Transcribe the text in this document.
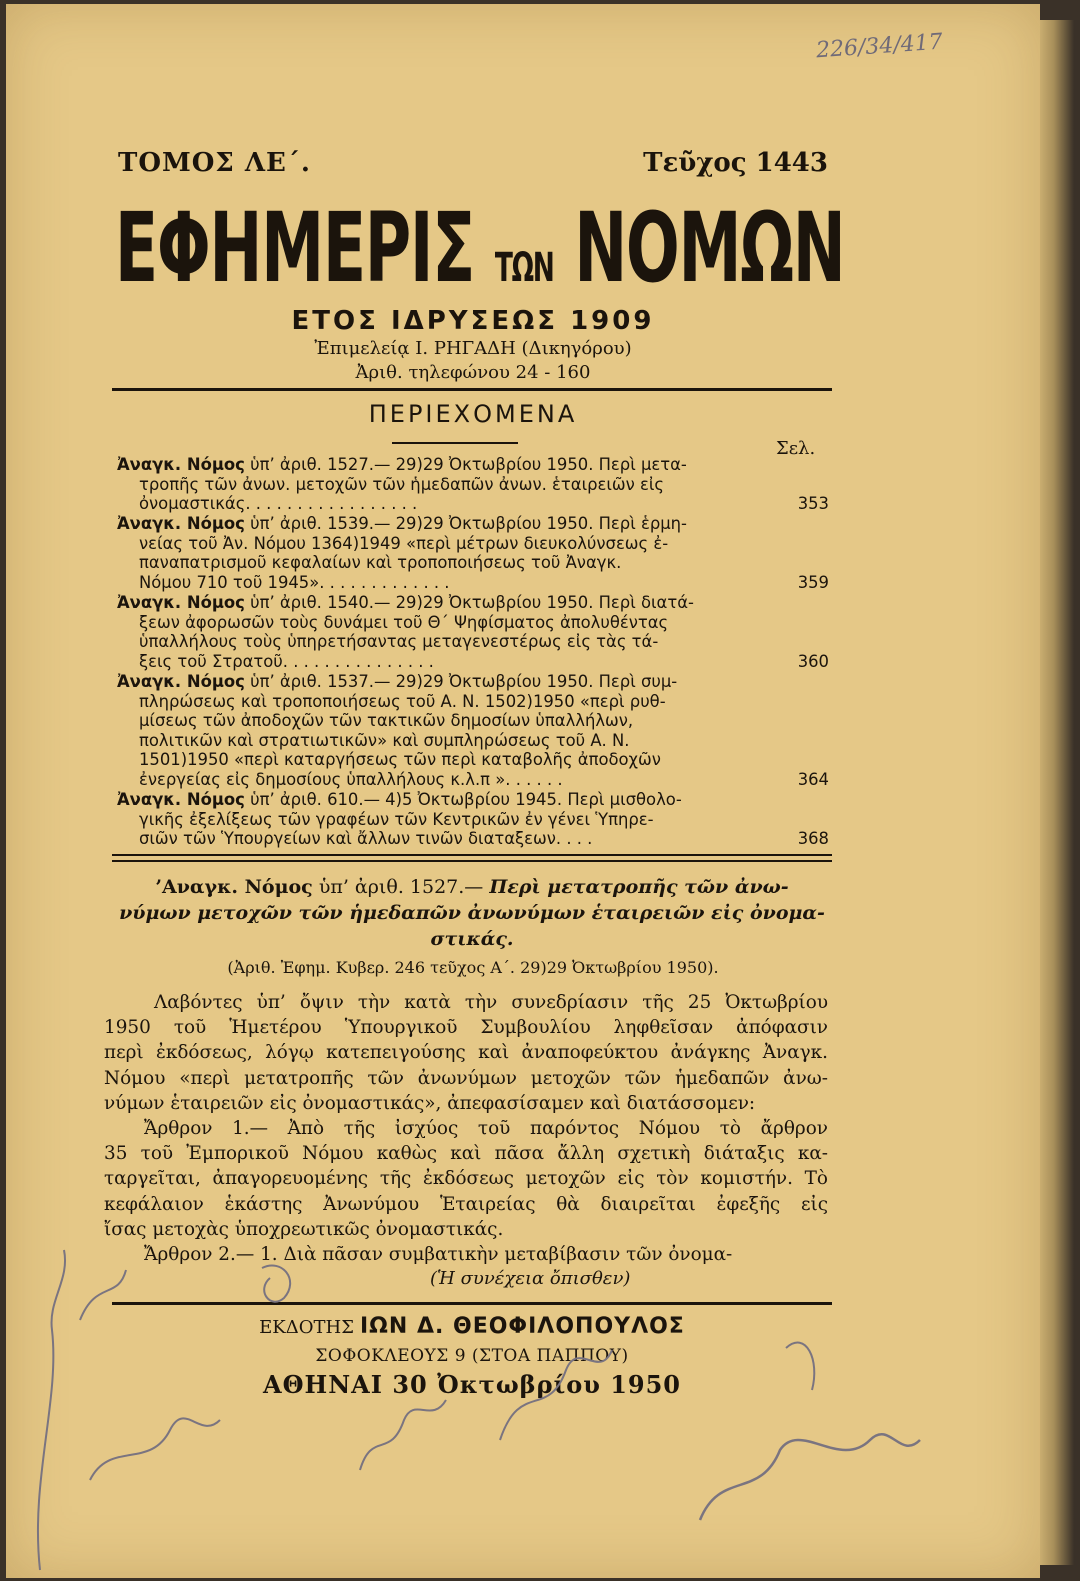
226/34/417
ΤΟΜΟΣ ΛΕ΄.	Τεῦχος 1443
ΕΦΗΜΕΡΙΣ ΤΩΝ ΝΟΜΩΝ
ΕΤΟΣ ΙΔΡΥΣΕΩΣ 1909
Ἐπιμελείᾳ Ι. ΡΗΓΑΔΗ (Δικηγόρου)
Ἀριθ. τηλεφώνου 24 - 160
ΠΕΡΙΕΧΟΜΕΝΑ
Σελ.
Ἀναγκ. Νόμος ὑπ’ ἀριθ. 1527.— 29)29 Ὀκτωβρίου 1950. Περὶ μετα-
τροπῆς τῶν ἀνων. μετοχῶν τῶν ἡμεδαπῶν ἀνων. ἑταιρειῶν εἰς
ὀνομαστικάς. . . . . . . . . . . . . . . . .	353
Ἀναγκ. Νόμος ὑπ’ ἀριθ. 1539.— 29)29 Ὀκτωβρίου 1950. Περὶ ἑρμη-
νείας τοῦ Ἀν. Νόμου 1364)1949 «περὶ μέτρων διευκολύνσεως ἐ-
παναπατρισμοῦ κεφαλαίων καὶ τροποποιήσεως τοῦ Ἀναγκ.
Νόμου 710 τοῦ 1945». . . . . . . . . . . . .	359
Ἀναγκ. Νόμος ὑπ’ ἀριθ. 1540.— 29)29 Ὀκτωβρίου 1950. Περὶ διατά-
ξεων ἀφορωσῶν τοὺς δυνάμει τοῦ Θ΄ Ψηφίσματος ἀπολυθέντας
ὑπαλλήλους τοὺς ὑπηρετήσαντας μεταγενεστέρως εἰς τὰς τά-
ξεις τοῦ Στρατοῦ. . . . . . . . . . . . . . .	360
Ἀναγκ. Νόμος ὑπ’ ἀριθ. 1537.— 29)29 Ὀκτωβρίου 1950. Περὶ συμ-
πληρώσεως καὶ τροποποιήσεως τοῦ Α. Ν. 1502)1950 «περὶ ρυθ-
μίσεως τῶν ἀποδοχῶν τῶν τακτικῶν δημοσίων ὑπαλλήλων,
πολιτικῶν καὶ στρατιωτικῶν» καὶ συμπληρώσεως τοῦ Α. Ν.
1501)1950 «περὶ καταργήσεως τῶν περὶ καταβολῆς ἀποδοχῶν
ἐνεργείας εἰς δημοσίους ὑπαλλήλους κ.λ.π ». . . . . .	364
Ἀναγκ. Νόμος ὑπ’ ἀριθ. 610.— 4)5 Ὀκτωβρίου 1945. Περὶ μισθολο-
γικῆς ἐξελίξεως τῶν γραφέων τῶν Κεντρικῶν ἐν γένει Ὑπηρε-
σιῶν τῶν Ὑπουργείων καὶ ἄλλων τινῶν διαταξεων. . . .	368
’Αναγκ. Νόμος ὑπ’ ἀριθ. 1527.— Περὶ μετατροπῆς τῶν ἀνω-
νύμων μετοχῶν τῶν ἡμεδαπῶν ἀνωνύμων ἑταιρειῶν εἰς ὀνομα-
στικάς.
(Ἀριθ. Ἐφημ. Κυβερ. 246 τεῦχος Α΄. 29)29 Ὀκτωβρίου 1950).
Λαβόντες ὑπ’ ὄψιν τὴν κατὰ τὴν συνεδρίασιν τῆς 25 Ὀκτωβρίου
1950 τοῦ Ἡμετέρου Ὑπουργικοῦ Συμβουλίου ληφθεῖσαν ἀπόφασιν
περὶ ἐκδόσεως, λόγῳ κατεπειγούσης καὶ ἀναποφεύκτου ἀνάγκης Ἀναγκ.
Νόμου «περὶ μετατροπῆς τῶν ἀνωνύμων μετοχῶν τῶν ἡμεδαπῶν ἀνω-
νύμων ἑταιρειῶν εἰς ὀνομαστικάς», ἀπεφασίσαμεν καὶ διατάσσομεν:
Ἄρθρον 1.— Ἀπὸ τῆς ἰσχύος τοῦ παρόντος Νόμου τὸ ἄρθρον
35 τοῦ Ἐμπορικοῦ Νόμου καθὼς καὶ πᾶσα ἄλλη σχετικὴ διάταξις κα-
ταργεῖται, ἀπαγορευομένης τῆς ἐκδόσεως μετοχῶν εἰς τὸν κομιστήν. Τὸ
κεφάλαιον ἑκάστης Ἀνωνύμου Ἑταιρείας θὰ διαιρεῖται ἐφεξῆς εἰς
ἴσας μετοχὰς ὑποχρεωτικῶς ὀνομαστικάς.
Ἄρθρον 2.— 1. Διὰ πᾶσαν συμβατικὴν μεταβίβασιν τῶν ὀνομα-
(Ἡ συνέχεια ὄπισθεν)
ΕΚΔΟΤΗΣ ΙΩΝ Δ. ΘΕΟΦΙΛΟΠΟΥΛΟΣ
ΣΟΦΟΚΛΕΟΥΣ 9 (ΣΤΟΑ ΠΑΠΠΟΥ)
ΑΘΗΝΑΙ 30 Ὀκτωβρίου 1950
